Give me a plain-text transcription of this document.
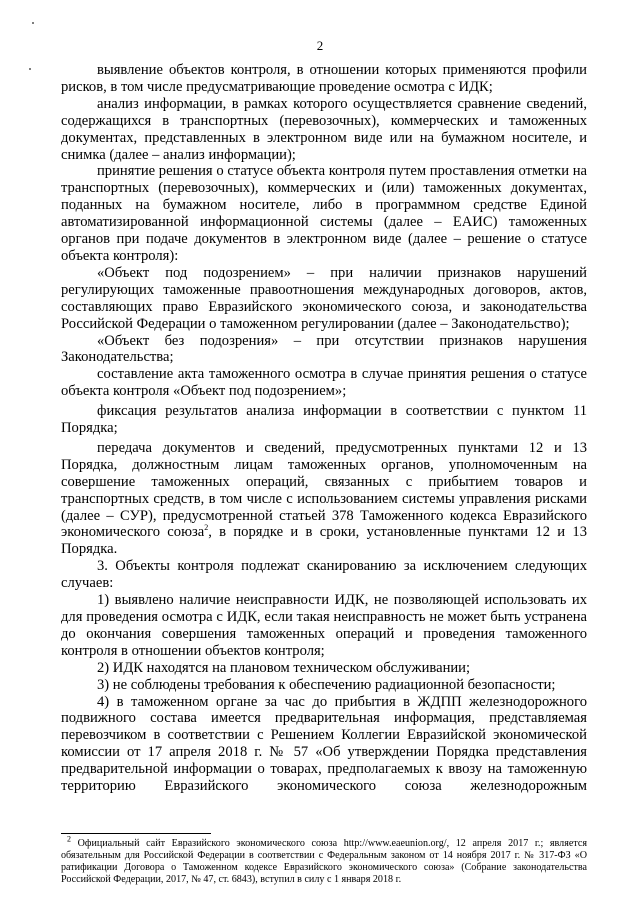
2

выявление объектов контроля, в отношении которых применяются профили рисков, в том числе предусматривающие проведение осмотра с ИДК;

анализ информации, в рамках которого осуществляется сравнение сведений, содержащихся в транспортных (перевозочных), коммерческих и таможенных документах, представленных в электронном виде или на бумажном носителе, и снимка (далее – анализ информации);

принятие решения о статусе объекта контроля путем проставления отметки на транспортных (перевозочных), коммерческих и (или) таможенных документах, поданных на бумажном носителе, либо в программном средстве Единой автоматизированной информационной системы (далее – ЕАИС) таможенных органов при подаче документов в электронном виде (далее – решение о статусе объекта контроля):

«Объект под подозрением» – при наличии признаков нарушений регулирующих таможенные правоотношения международных договоров, актов, составляющих право Евразийского экономического союза, и законодательства Российской Федерации о таможенном регулировании (далее – Законодательство);

«Объект без подозрения» – при отсутствии признаков нарушения Законодательства;

составление акта таможенного осмотра в случае принятия решения о статусе объекта контроля «Объект под подозрением»;

фиксация результатов анализа информации в соответствии с пунктом 11 Порядка;

передача документов и сведений, предусмотренных пунктами 12 и 13 Порядка, должностным лицам таможенных органов, уполномоченным на совершение таможенных операций, связанных с прибытием товаров и транспортных средств, в том числе с использованием системы управления рисками (далее – СУР), предусмотренной статьей 378 Таможенного кодекса Евразийского экономического союза$^2$, в порядке и в сроки, установленные пунктами 12 и 13 Порядка.

3. Объекты контроля подлежат сканированию за исключением следующих случаев:

1) выявлено наличие неисправности ИДК, не позволяющей использовать их для проведения осмотра с ИДК, если такая неисправность не может быть устранена до окончания совершения таможенных операций и проведения таможенного контроля в отношении объектов контроля;

2) ИДК находятся на плановом техническом обслуживании;

3) не соблюдены требования к обеспечению радиационной безопасности;

4) в таможенном органе за час до прибытия в ЖДПП железнодорожного подвижного состава имеется предварительная информация, представляемая перевозчиком в соответствии с Решением Коллегии Евразийской экономической комиссии от 17 апреля 2018 г. № 57 «Об утверждении Порядка представления предварительной информации о товарах, предполагаемых к ввозу на таможенную территорию Евразийского экономического союза железнодорожным

$^2$ Официальный сайт Евразийского экономического союза http://www.eaeunion.org/, 12 апреля 2017 г.; является обязательным для Российской Федерации в соответствии с Федеральным законом от 14 ноября 2017 г. № 317-ФЗ «О ратификации Договора о Таможенном кодексе Евразийского экономического союза» (Собрание законодательства Российской Федерации, 2017, № 47, ст. 6843), вступил в силу с 1 января 2018 г.
